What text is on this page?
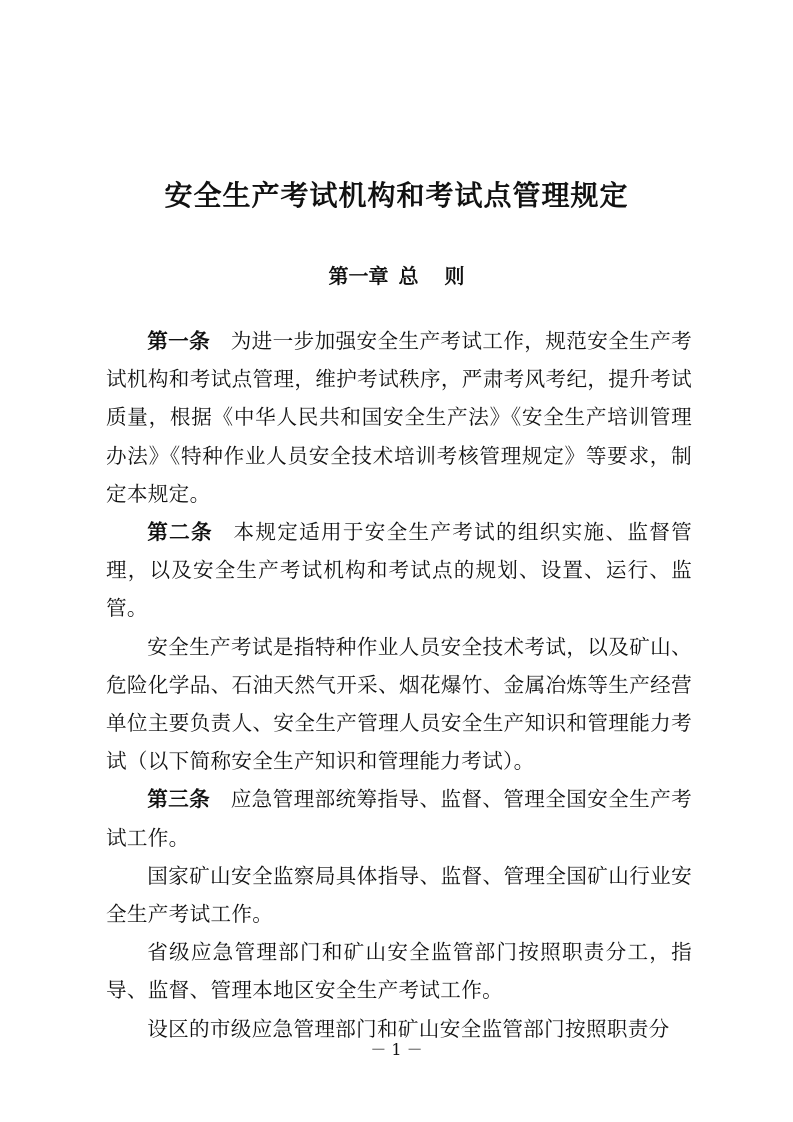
安全生产考试机构和考试点管理规定
第一章 总 则

第一条 为进一步加强安全生产考试工作，规范安全生产考试机构和考试点管理，维护考试秩序，严肃考风考纪，提升考试质量，根据《中华人民共和国安全生产法》《安全生产培训管理办法》《特种作业人员安全技术培训考核管理规定》等要求，制定本规定。

第二条 本规定适用于安全生产考试的组织实施、监督管理，以及安全生产考试机构和考试点的规划、设置、运行、监管。

安全生产考试是指特种作业人员安全技术考试，以及矿山、危险化学品、石油天然气开采、烟花爆竹、金属冶炼等生产经营单位主要负责人、安全生产管理人员安全生产知识和管理能力考试（以下简称安全生产知识和管理能力考试）。

第三条 应急管理部统筹指导、监督、管理全国安全生产考试工作。

国家矿山安全监察局具体指导、监督、管理全国矿山行业安全生产考试工作。

省级应急管理部门和矿山安全监管部门按照职责分工，指导、监督、管理本地区安全生产考试工作。

设区的市级应急管理部门和矿山安全监管部门按照职责分

－ 1 －
